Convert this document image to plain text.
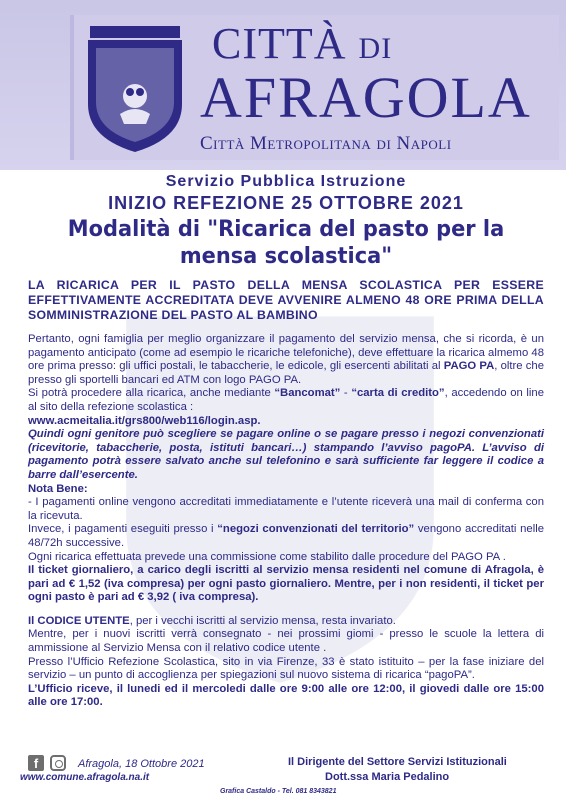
CITTÀ DI
AFRAGOLA
Città Metropolitana di Napoli

Servizio Pubblica Istruzione

INIZIO REFEZIONE 25 OTTOBRE 2021

Modalità di "Ricarica del pasto per la mensa scolastica"

LA RICARICA PER IL PASTO DELLA MENSA SCOLASTICA PER ESSERE EFFETTIVAMENTE ACCREDITATA DEVE AVVENIRE ALMENO 48 ORE PRIMA DELLA SOMMINISTRAZIONE DEL PASTO AL BAMBINO

Pertanto, ogni famiglia per meglio organizzare il pagamento del servizio mensa, che si ricorda, è un pagamento anticipato (come ad esempio le ricariche telefoniche), deve effettuare la ricarica almemo 48 ore prima presso: gli uffici postali, le tabaccherie, le edicole, gli esercenti abilitati al PAGO PA, oltre che presso gli sportelli bancari ed ATM con logo PAGO PA.

Si potrà procedere alla ricarica, anche mediante “Bancomat” - “carta di credito”, accedendo on line al sito della refezione scolastica :

www.acmeitalia.it/grs800/web116/login.asp.

Quindi ogni genitore può scegliere se pagare online o se pagare presso i negozi convenzionati (ricevitorie, tabaccherie, posta, istituti bancari…) stampando l’avviso pagoPA. L’avviso di pagamento potrà essere salvato anche sul telefonino e sarà sufficiente far leggere il codice a barre dall’esercente.

Nota Bene:

- I pagamenti online vengono accreditati immediatamente e l’utente riceverà una mail di conferma con la ricevuta.

Invece, i pagamenti eseguiti presso i “negozi convenzionati del territorio” vengono accreditati nelle 48/72h successive.

Ogni ricarica effettuata prevede una commissione come stabilito dalle procedure del PAGO PA .

Il ticket giornaliero, a carico degli iscritti al servizio mensa residenti nel comune di Afragola, è pari ad € 1,52 (iva compresa) per ogni pasto giornaliero. Mentre, per i non residenti, il ticket per ogni pasto è pari ad € 3,92 ( iva compresa).

Il CODICE UTENTE, per i vecchi iscritti al servizio mensa, resta invariato.

Mentre, per i nuovi iscritti verrà consegnato - nei prossimi giomi - presso le scuole la lettera di ammissione al Servizio Mensa con il relativo codice utente .

Presso l’Ufficio Refezione Scolastica, sito in via Firenze, 33 è stato istituito – per la fase iniziare del servizio – un punto di accoglienza per spiegazioni sul nuovo sistema di ricarica “pagoPA”.

L’Ufficio riceve, il lunedi ed il mercoledi dalle ore 9:00 alle ore 12:00, il giovedi dalle ore 15:00 alle ore 17:00.

f	Afragola, 18 Ottobre 2021
www.comune.afragola.na.it
Il Dirigente del Settore Servizi Istituzionali
Dott.ssa Maria Pedalino
Grafica Castaldo - Tel. 081 8343821
